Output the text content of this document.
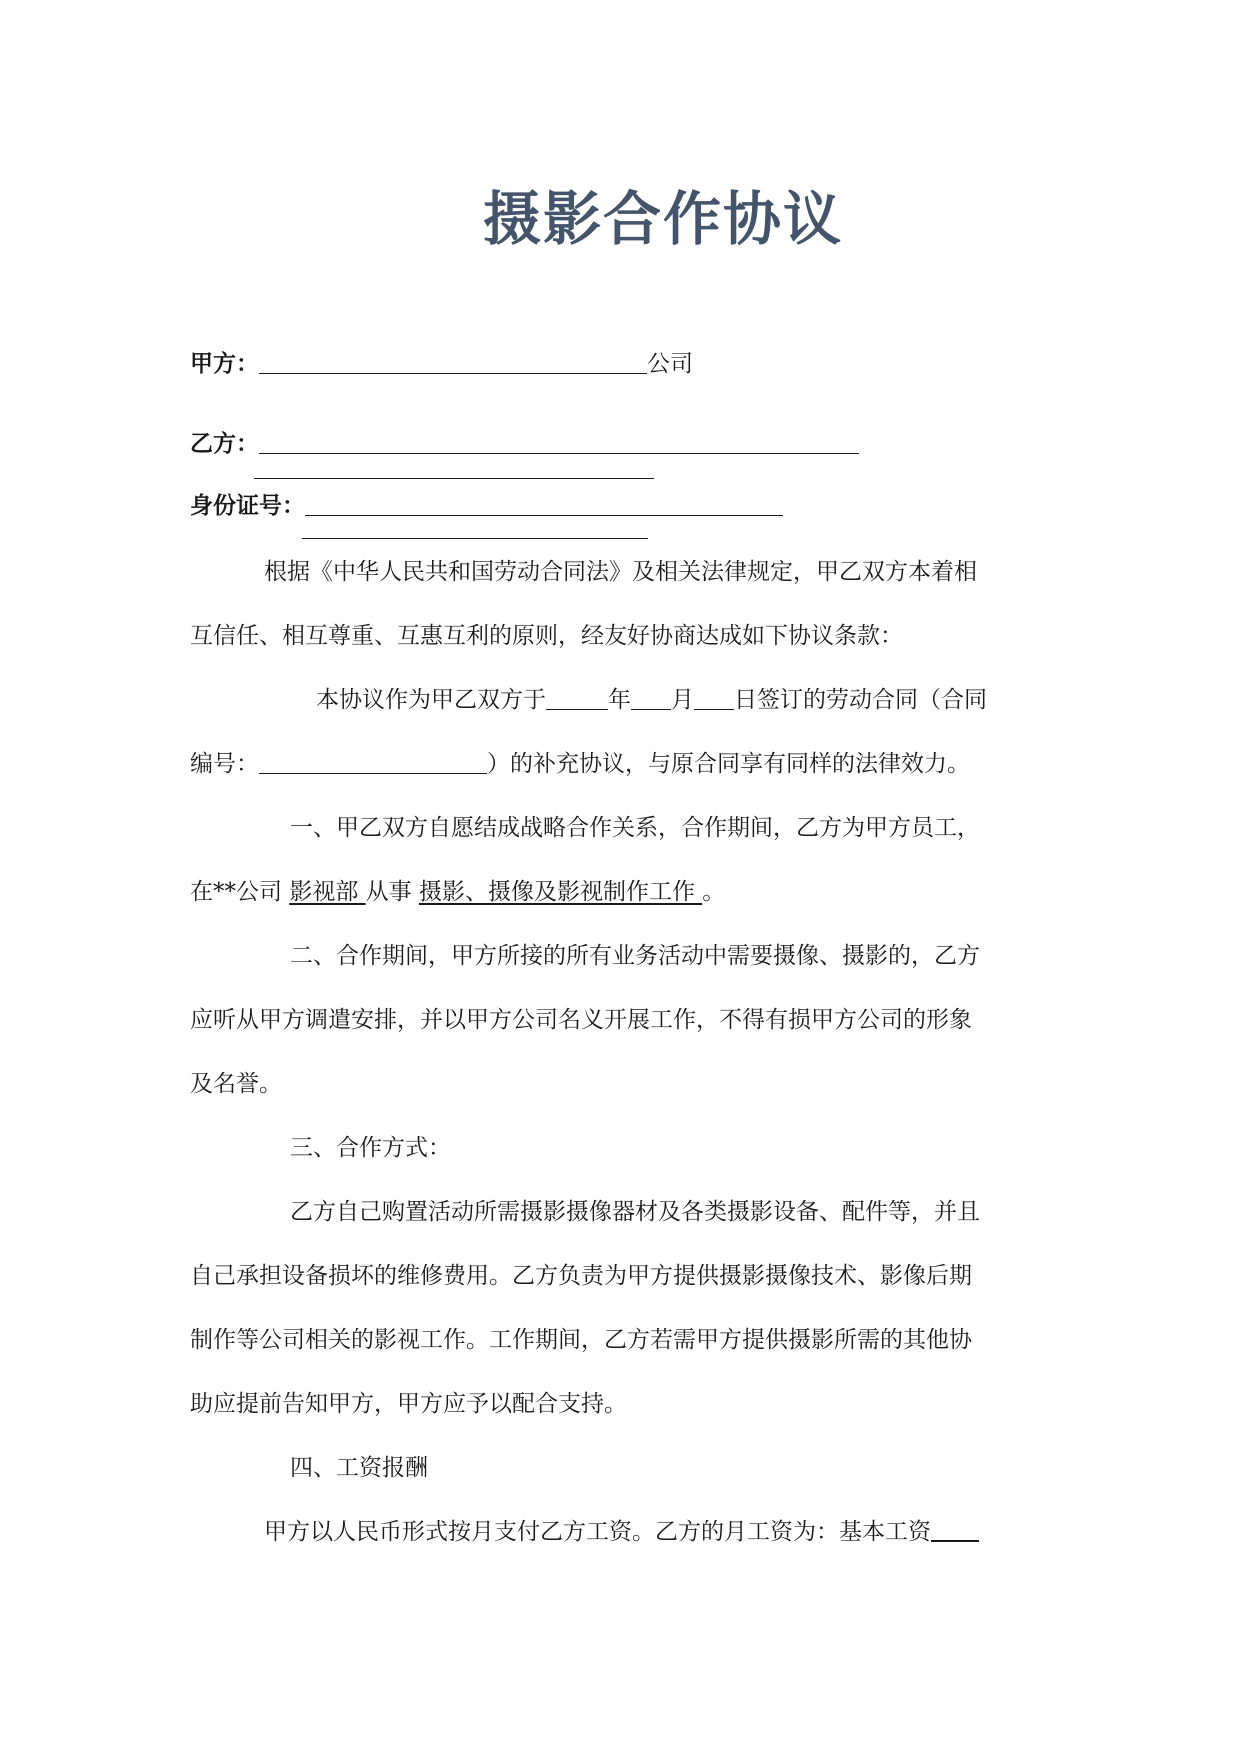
摄影合作协议
甲方：	公司
乙方：
身份证号：
根据《中华人民共和国劳动合同法》及相关法律规定，甲乙双方本着相
互信任、相互尊重、互惠互利的原则，经友好协商达成如下协议条款：
本协议作为甲乙双方于	年 月 日签订的劳动合同（合同
编号：	）的补充协议，与原合同享有同样的法律效力。
一、甲乙双方自愿结成战略合作关系，合作期间，乙方为甲方员工，
在**公司 影视部 从事 摄影、摄像及影视制作工作 。
二、合作期间，甲方所接的所有业务活动中需要摄像、摄影的，乙方
应听从甲方调遣安排，并以甲方公司名义开展工作，不得有损甲方公司的形象
及名誉。
三、合作方式：
乙方自己购置活动所需摄影摄像器材及各类摄影设备、配件等，并且
自己承担设备损坏的维修费用。乙方负责为甲方提供摄影摄像技术、影像后期
制作等公司相关的影视工作。工作期间，乙方若需甲方提供摄影所需的其他协
助应提前告知甲方，甲方应予以配合支持。
四、工资报酬
甲方以人民币形式按月支付乙方工资。乙方的月工资为：基本工资
